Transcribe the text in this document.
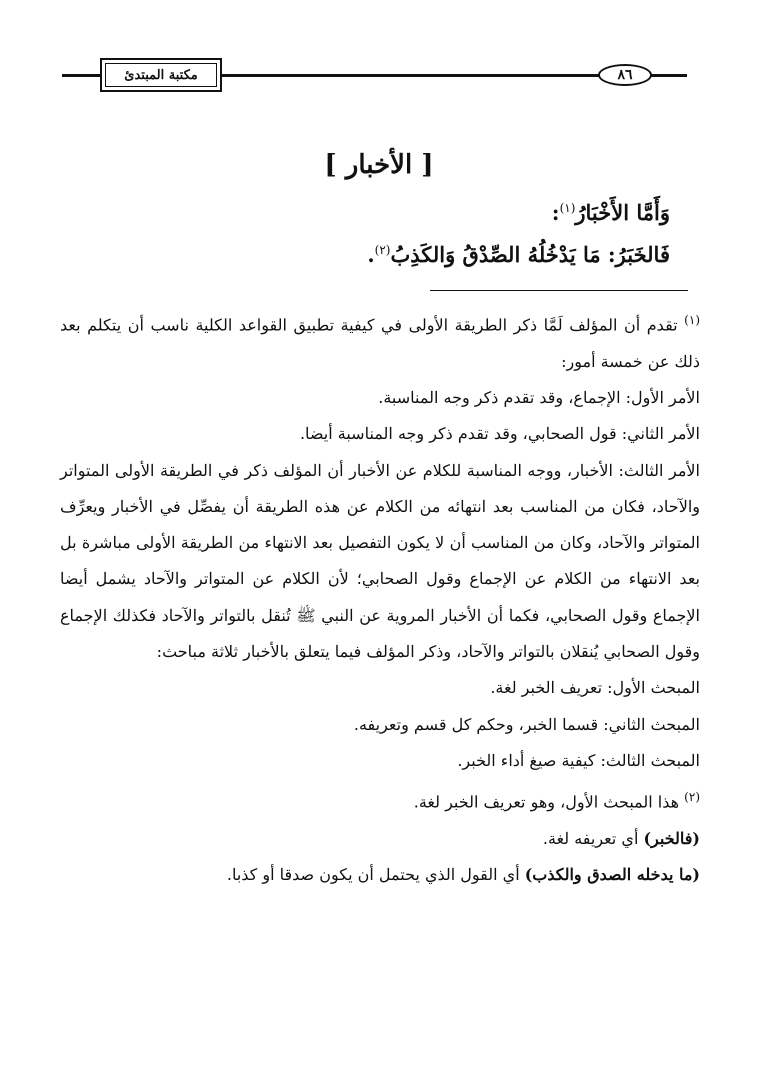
مكتبة المبتدئ	٨٦
[ الأخبار ]
وَأَمَّا الأَخْبَارُ$^{(١)}$:
فَالخَبَرُ: مَا يَدْخُلُهُ الصِّدْقُ وَالكَذِبُ$^{(٢)}$.

$^{(١)}$ تقدم أن المؤلف لَمَّا ذكر الطريقة الأولى في كيفية تطبيق القواعد الكلية ناسب أن يتكلم بعد ذلك عن خمسة أمور:

الأمر الأول: الإجماع، وقد تقدم ذكر وجه المناسبة.

الأمر الثاني: قول الصحابي، وقد تقدم ذكر وجه المناسبة أيضا.

الأمر الثالث: الأخبار، ووجه المناسبة للكلام عن الأخبار أن المؤلف ذكر في الطريقة الأولى المتواتر والآحاد، فكان من المناسب بعد انتهائه من الكلام عن هذه الطريقة أن يفصِّل في الأخبار ويعرِّف المتواتر والآحاد، وكان من المناسب أن لا يكون التفصيل بعد الانتهاء من الطريقة الأولى مباشرة بل بعد الانتهاء من الكلام عن الإجماع وقول الصحابي؛ لأن الكلام عن المتواتر والآحاد يشمل أيضا الإجماع وقول الصحابي، فكما أن الأخبار المروية عن النبي ﷺ تُنقل بالتواتر والآحاد فكذلك الإجماع وقول الصحابي يُنقلان بالتواتر والآحاد، وذكر المؤلف فيما يتعلق بالأخبار ثلاثة مباحث:

المبحث الأول: تعريف الخبر لغة.

المبحث الثاني: قسما الخبر، وحكم كل قسم وتعريفه.

المبحث الثالث: كيفية صيغ أداء الخبر.

$^{(٢)}$ هذا المبحث الأول، وهو تعريف الخبر لغة.

(فالخبر) أي تعريفه لغة.

(ما يدخله الصدق والكذب) أي القول الذي يحتمل أن يكون صدقا أو كذبا.
